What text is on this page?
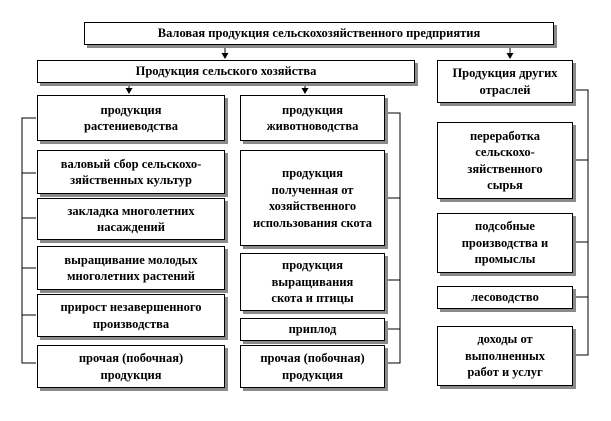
Валовая продукция сельскохозяйственного предприятия
Продукция сельского хозяйства	Продукция других отраслей
продукция растениеводства
валовый сбор сельскохо-зяйственных культур
закладка многолетних насаждений
выращивание молодых многолетних растений
прирост незавершенного производства
прочая (побочная) продукция
продукция животноводства
продукция полученная от хозяйственного использования скота
продукция выращивания скота и птицы
приплод
прочая (побочная) продукция
переработка сельскохо-зяйственного сырья
подсобные производства и промыслы
лесоводство
доходы от выполненных работ и услуг
